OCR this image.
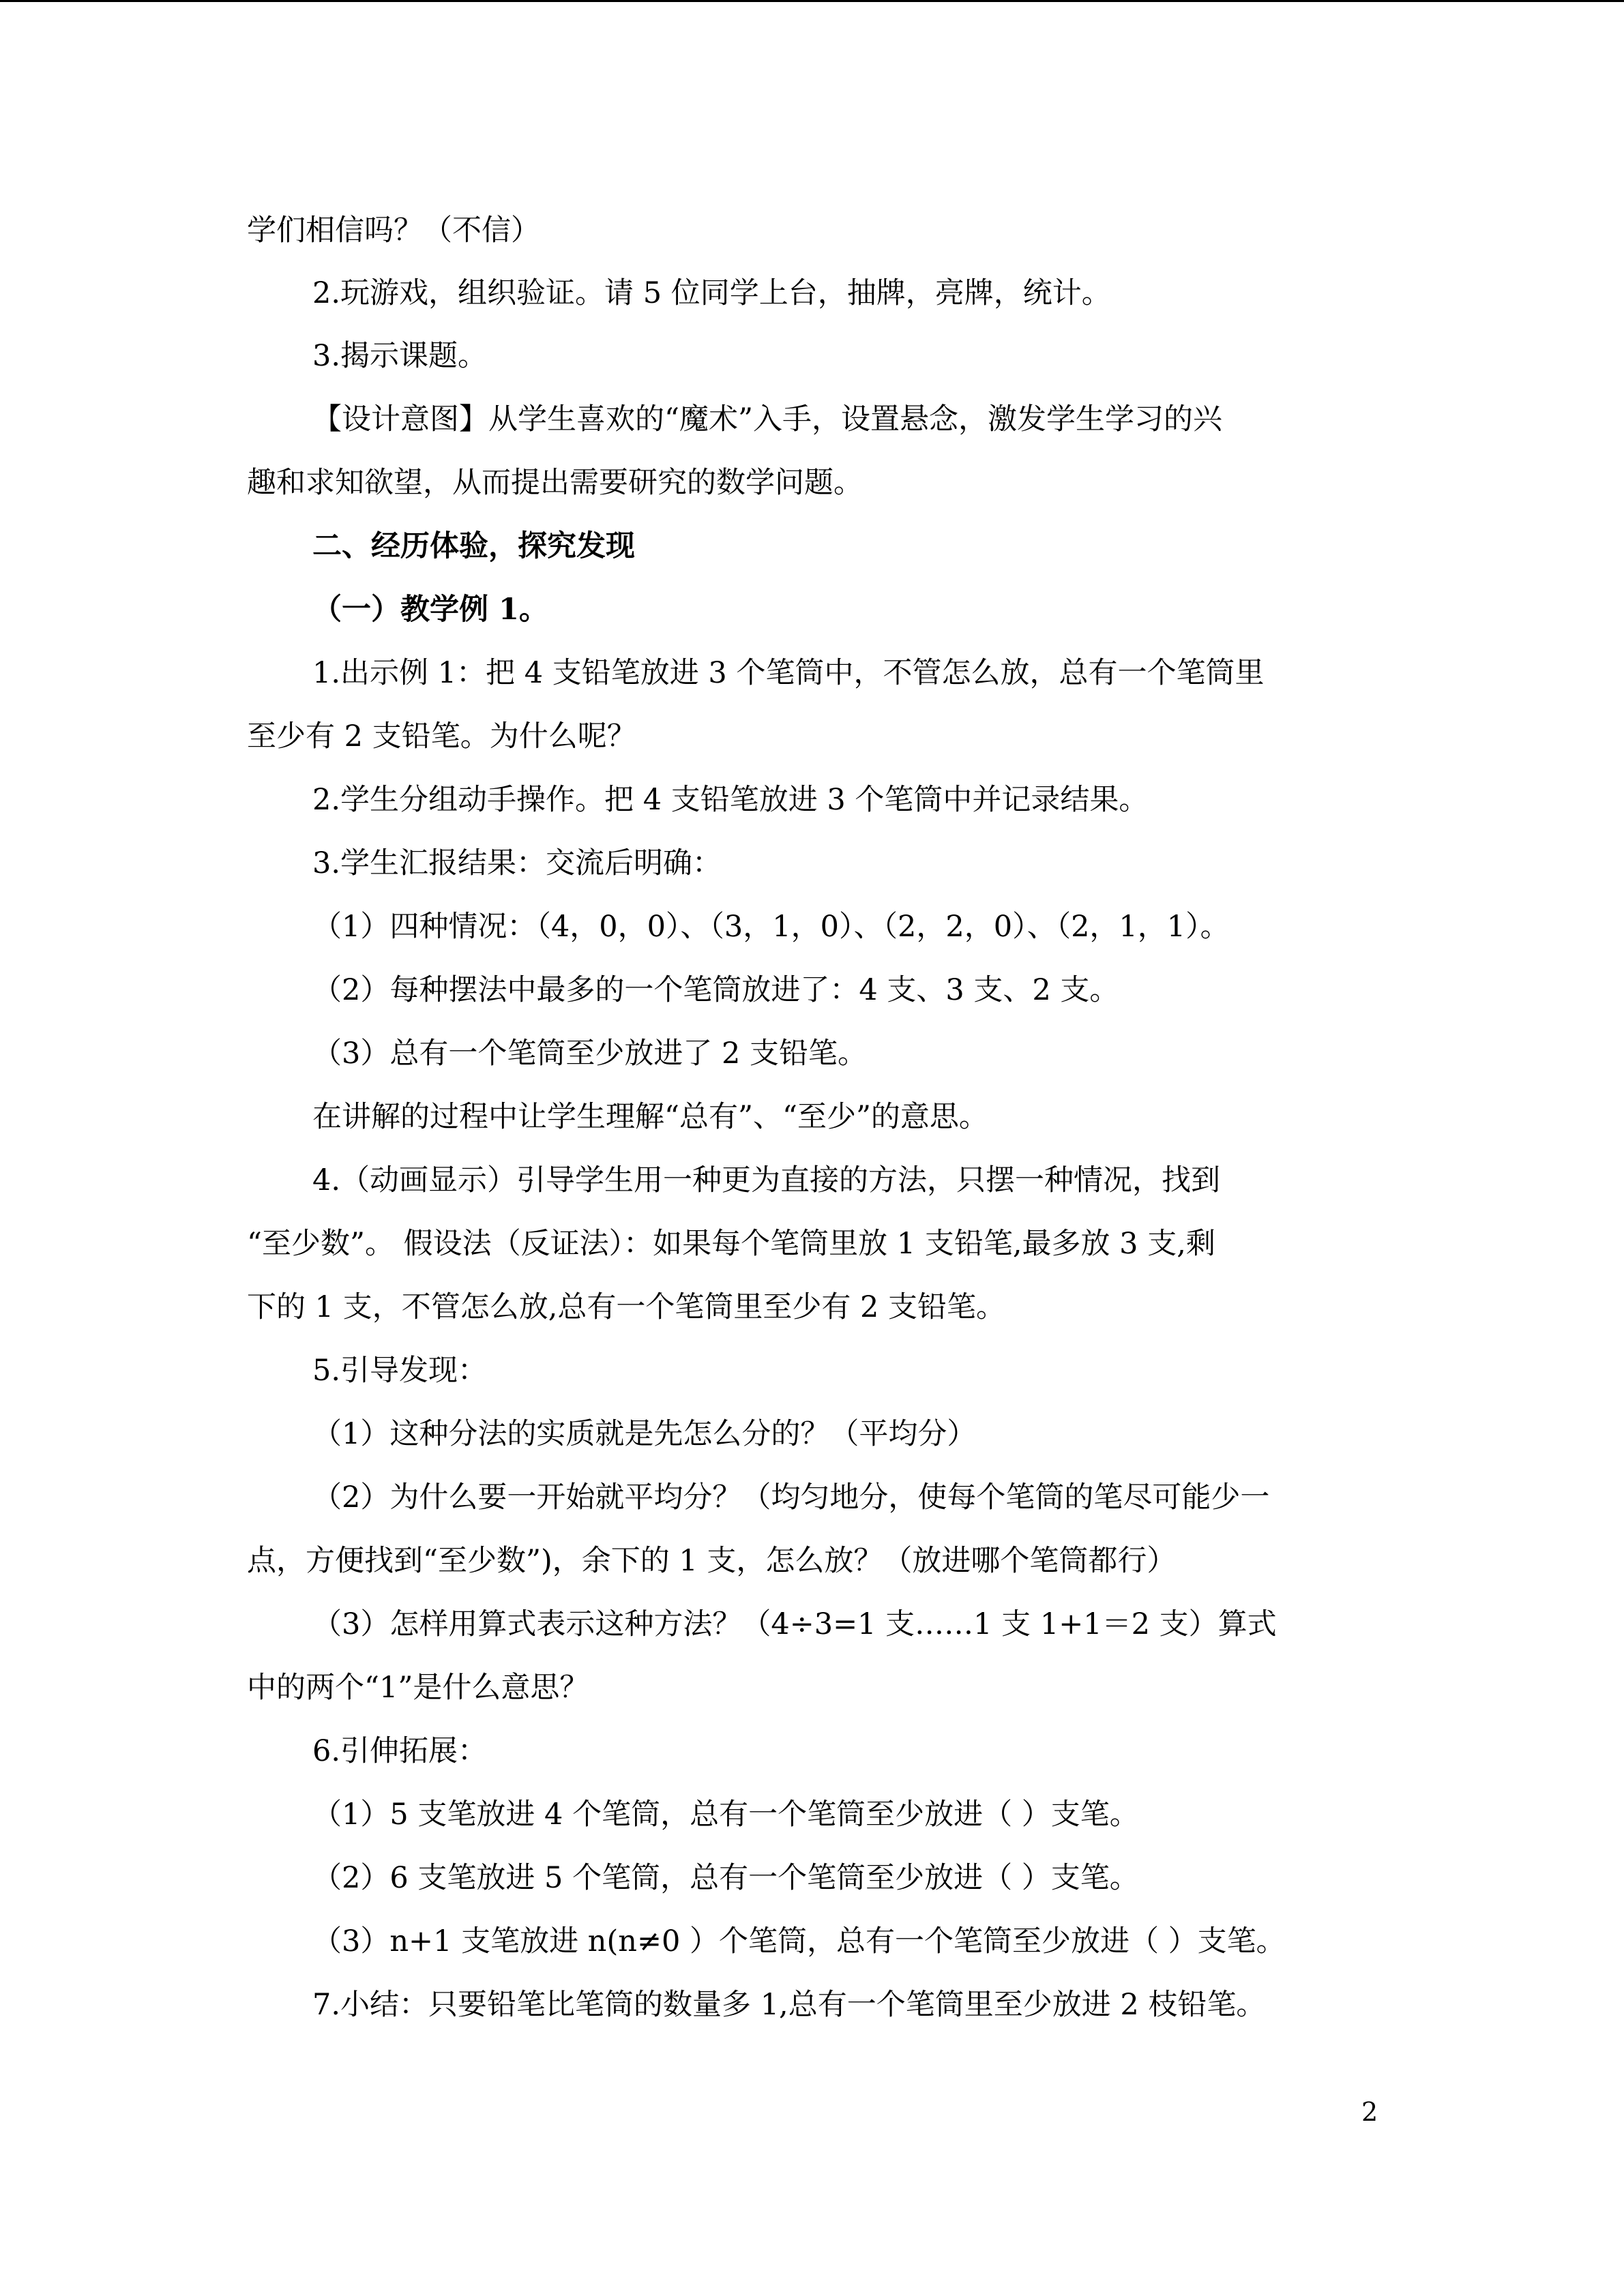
学们相信吗？（不信）
2.玩游戏，组织验证。请 5 位同学上台，抽牌，亮牌，统计。
3.揭示课题。
【设计意图】从学生喜欢的“魔术”入手，设置悬念，激发学生学习的兴
趣和求知欲望，从而提出需要研究的数学问题。
二、经历体验，探究发现
（一）教学例 1。
1.出示例 1：把 4 支铅笔放进 3 个笔筒中，不管怎么放，总有一个笔筒里
至少有 2 支铅笔。为什么呢？
2.学生分组动手操作。把 4 支铅笔放进 3 个笔筒中并记录结果。
3.学生汇报结果：交流后明确：
（1）四种情况：（4，0，0）、（3，1，0）、（2，2，0）、（2，1，1）。
（2）每种摆法中最多的一个笔筒放进了：4 支、3 支、2 支。
（3）总有一个笔筒至少放进了 2 支铅笔。
在讲解的过程中让学生理解“总有”、“至少”的意思。
4.（动画显示）引导学生用一种更为直接的方法，只摆一种情况，找到
“至少数”。 假设法（反证法）：如果每个笔筒里放 1 支铅笔,最多放 3 支,剩
下的 1 支，不管怎么放,总有一个笔筒里至少有 2 支铅笔。
5.引导发现：
（1）这种分法的实质就是先怎么分的？（平均分）
（2）为什么要一开始就平均分？（均匀地分，使每个笔筒的笔尽可能少一
点，方便找到“至少数”)，余下的 1 支，怎么放？（放进哪个笔筒都行）
（3）怎样用算式表示这种方法？（4÷3=1 支……1 支 1+1＝2 支）算式
中的两个“1”是什么意思？
6.引伸拓展：
（1）5 支笔放进 4 个笔筒，总有一个笔筒至少放进（ ）支笔。
（2）6 支笔放进 5 个笔筒，总有一个笔筒至少放进（ ）支笔。
（3）n+1 支笔放进 n(n≠0 ）个笔筒，总有一个笔筒至少放进（ ）支笔。
7.小结：只要铅笔比笔筒的数量多 1,总有一个笔筒里至少放进 2 枝铅笔。
2
